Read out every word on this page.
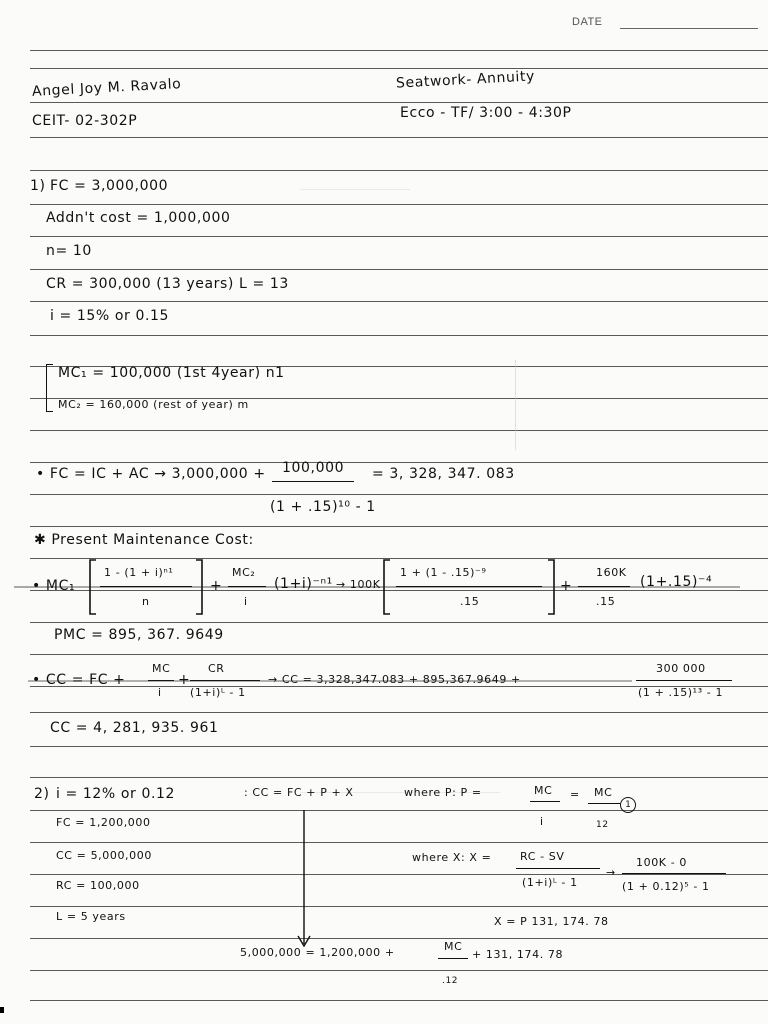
DATE
Angel Joy M. Ravalo	Seatwork- Annuity
CEIT- 02-302P	Ecco - TF/ 3:00 - 4:30P
1) FC = 3,000,000
Addn't cost = 1,000,000
n= 10
CR = 300,000 (13 years) L = 13
i = 15% or 0.15
MC₁ = 100,000 (1st 4year) n1
MC₂ = 160,000 (rest of year) m
• FC = IC + AC → 3,000,000 + 100,000
(1 + .15)¹⁰ - 1
= 3, 328, 347. 083
✱ Present Maintenance Cost:
• MC₁
1 - (1 + i)ⁿ¹
n
+
MC₂
i
(1+i)⁻ⁿ¹ → 100K
1 + (1 - .15)⁻⁹
.15
+
160K
.15
(1+.15)⁻⁴
PMC = 895, 367. 9649
• CC = FC +
MC
i
+
CR
(1+i)ᴸ - 1
→ CC = 3,328,347.083 + 895,367.9649 +
300 000
(1 + .15)¹³ - 1
CC = 4, 281, 935. 961
2) i = 12% or 0.12	: CC = FC + P + X	where P: P =	MC
i
= MC
12
1
FC = 1,200,000
CC = 5,000,000
RC = 100,000
L = 5 years
where X: X =	RC - SV
(1+i)ᴸ - 1
→
100K - 0
(1 + 0.12)⁵ - 1
X = P 131, 174. 78
5,000,000 = 1,200,000 +	MC
.12
+ 131, 174. 78
